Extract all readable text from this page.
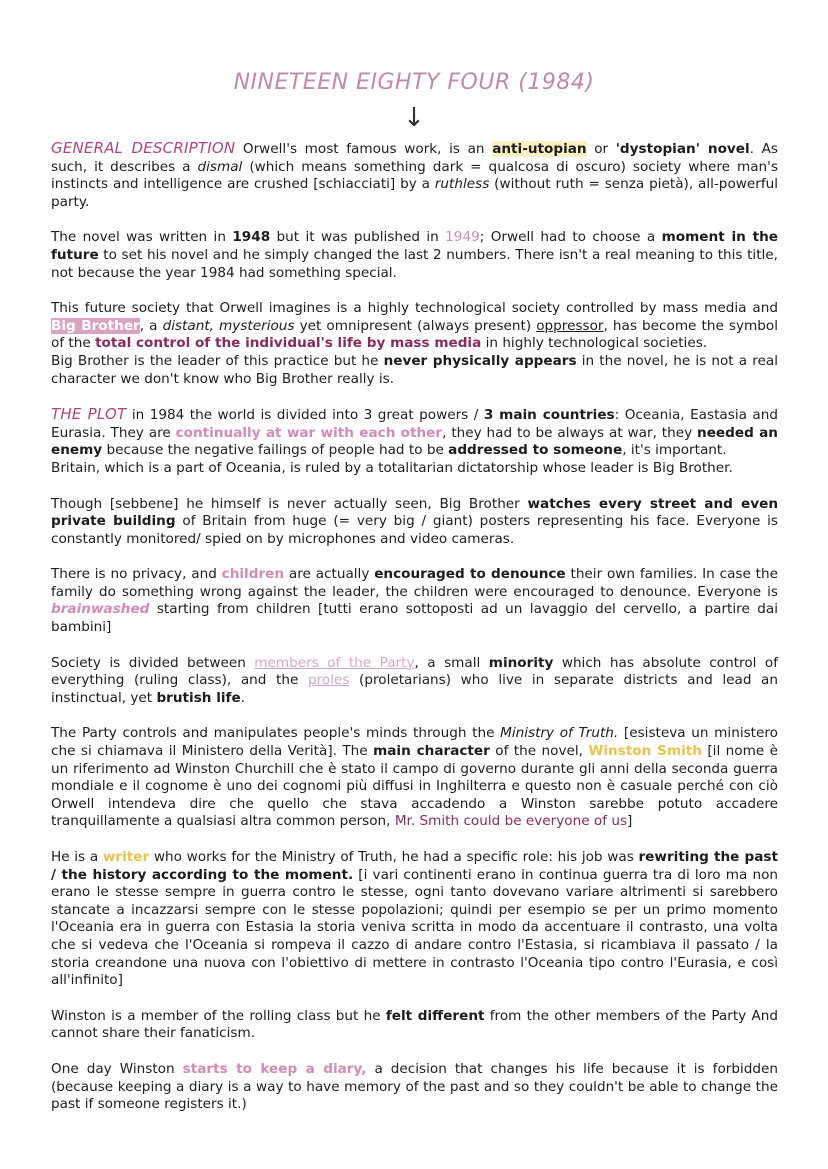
NINETEEN EIGHTY FOUR (1984)
↓

GENERAL DESCRIPTION Orwell's most famous work, is an anti-utopian or 'dystopian' novel. As such, it describes a dismal (which means something dark = qualcosa di oscuro) society where man's instincts and intelligence are crushed [schiacciati] by a ruthless (without ruth = senza pietà), all-powerful party.

The novel was written in 1948 but it was published in 1949; Orwell had to choose a moment in the future to set his novel and he simply changed the last 2 numbers. There isn't a real meaning to this title, not because the year 1984 had something special.

This future society that Orwell imagines is a highly technological society controlled by mass media and Big Brother, a distant, mysterious yet omnipresent (always present) oppressor, has become the symbol of the total control of the individual's life by mass media in highly technological societies.
Big Brother is the leader of this practice but he never physically appears in the novel, he is not a real character we don't know who Big Brother really is.

THE PLOT in 1984 the world is divided into 3 great powers / 3 main countries: Oceania, Eastasia and Eurasia. They are continually at war with each other, they had to be always at war, they needed an enemy because the negative failings of people had to be addressed to someone, it's important.
Britain, which is a part of Oceania, is ruled by a totalitarian dictatorship whose leader is Big Brother.

Though [sebbene] he himself is never actually seen, Big Brother watches every street and even private building of Britain from huge (= very big / giant) posters representing his face. Everyone is constantly monitored/ spied on by microphones and video cameras.

There is no privacy, and children are actually encouraged to denounce their own families. In case the family do something wrong against the leader, the children were encouraged to denounce. Everyone is brainwashed starting from children [tutti erano sottoposti ad un lavaggio del cervello, a partire dai bambini]

Society is divided between members of the Party, a small minority which has absolute control of everything (ruling class), and the proles (proletarians) who live in separate districts and lead an instinctual, yet brutish life.

The Party controls and manipulates people's minds through the Ministry of Truth. [esisteva un ministero che si chiamava il Ministero della Verità]. The main character of the novel, Winston Smith [il nome è un riferimento ad Winston Churchill che è stato il campo di governo durante gli anni della seconda guerra mondiale e il cognome è uno dei cognomi più diffusi in Inghilterra e questo non è casuale perché con ciò Orwell intendeva dire che quello che stava accadendo a Winston sarebbe potuto accadere tranquillamente a qualsiasi altra common person, Mr. Smith could be everyone of us]

He is a writer who works for the Ministry of Truth, he had a specific role: his job was rewriting the past / the history according to the moment. [i vari continenti erano in continua guerra tra di loro ma non erano le stesse sempre in guerra contro le stesse, ogni tanto dovevano variare altrimenti si sarebbero stancate a incazzarsi sempre con le stesse popolazioni; quindi per esempio se per un primo momento l'Oceania era in guerra con Estasia la storia veniva scritta in modo da accentuare il contrasto, una volta che si vedeva che l'Oceania si rompeva il cazzo di andare contro l'Estasia, si ricambiava il passato / la storia creandone una nuova con l'obiettivo di mettere in contrasto l'Oceania tipo contro l'Eurasia, e così all'infinito]

Winston is a member of the rolling class but he felt different from the other members of the Party And cannot share their fanaticism.

One day Winston starts to keep a diary, a decision that changes his life because it is forbidden (because keeping a diary is a way to have memory of the past and so they couldn't be able to change the past if someone registers it.)
